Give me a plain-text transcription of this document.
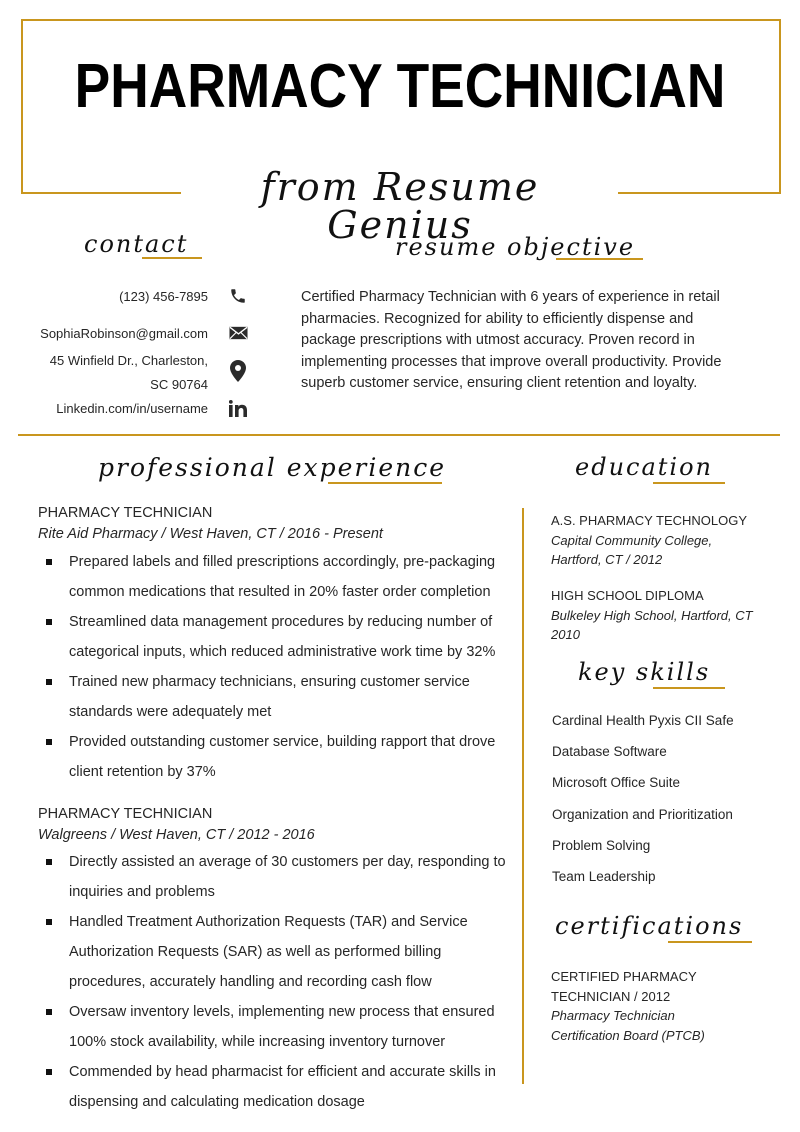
PHARMACY TECHNICIAN
from Resume Genius
contact	resume objective
(123) 456-7895
SophiaRobinson@gmail.com
45 Winfield Dr., Charleston,
SC 90764
Linkedin.com/in/username
Certified Pharmacy Technician with 6 years of experience in retail pharmacies. Recognized for ability to efficiently dispense and package prescriptions with utmost accuracy. Proven record in implementing processes that improve overall productivity. Provide superb customer service, ensuring client retention and loyalty.
professional experience
PHARMACY TECHNICIAN
Rite Aid Pharmacy / West Haven, CT / 2016 - Present
Prepared labels and filled prescriptions accordingly, pre-packaging common medications that resulted in 20% faster order completion
Streamlined data management procedures by reducing number of categorical inputs, which reduced administrative work time by 32%
Trained new pharmacy technicians, ensuring customer service standards were adequately met
Provided outstanding customer service, building rapport that drove client retention by 37%
PHARMACY TECHNICIAN
Walgreens / West Haven, CT / 2012 - 2016
Directly assisted an average of 30 customers per day, responding to inquiries and problems
Handled Treatment Authorization Requests (TAR) and Service Authorization Requests (SAR) as well as performed billing procedures, accurately handling and recording cash flow
Oversaw inventory levels, implementing new process that ensured 100% stock availability, while increasing inventory turnover
Commended by head pharmacist for efficient and accurate skills in dispensing and calculating medication dosage
education
A.S. PHARMACY TECHNOLOGY
Capital Community College, Hartford, CT / 2012
HIGH SCHOOL DIPLOMA
Bulkeley High School, Hartford, CT 2010
key skills
Cardinal Health Pyxis CII Safe
Database Software
Microsoft Office Suite
Organization and Prioritization
Problem Solving
Team Leadership
certifications
CERTIFIED PHARMACY TECHNICIAN / 2012
Pharmacy Technician Certification Board (PTCB)
